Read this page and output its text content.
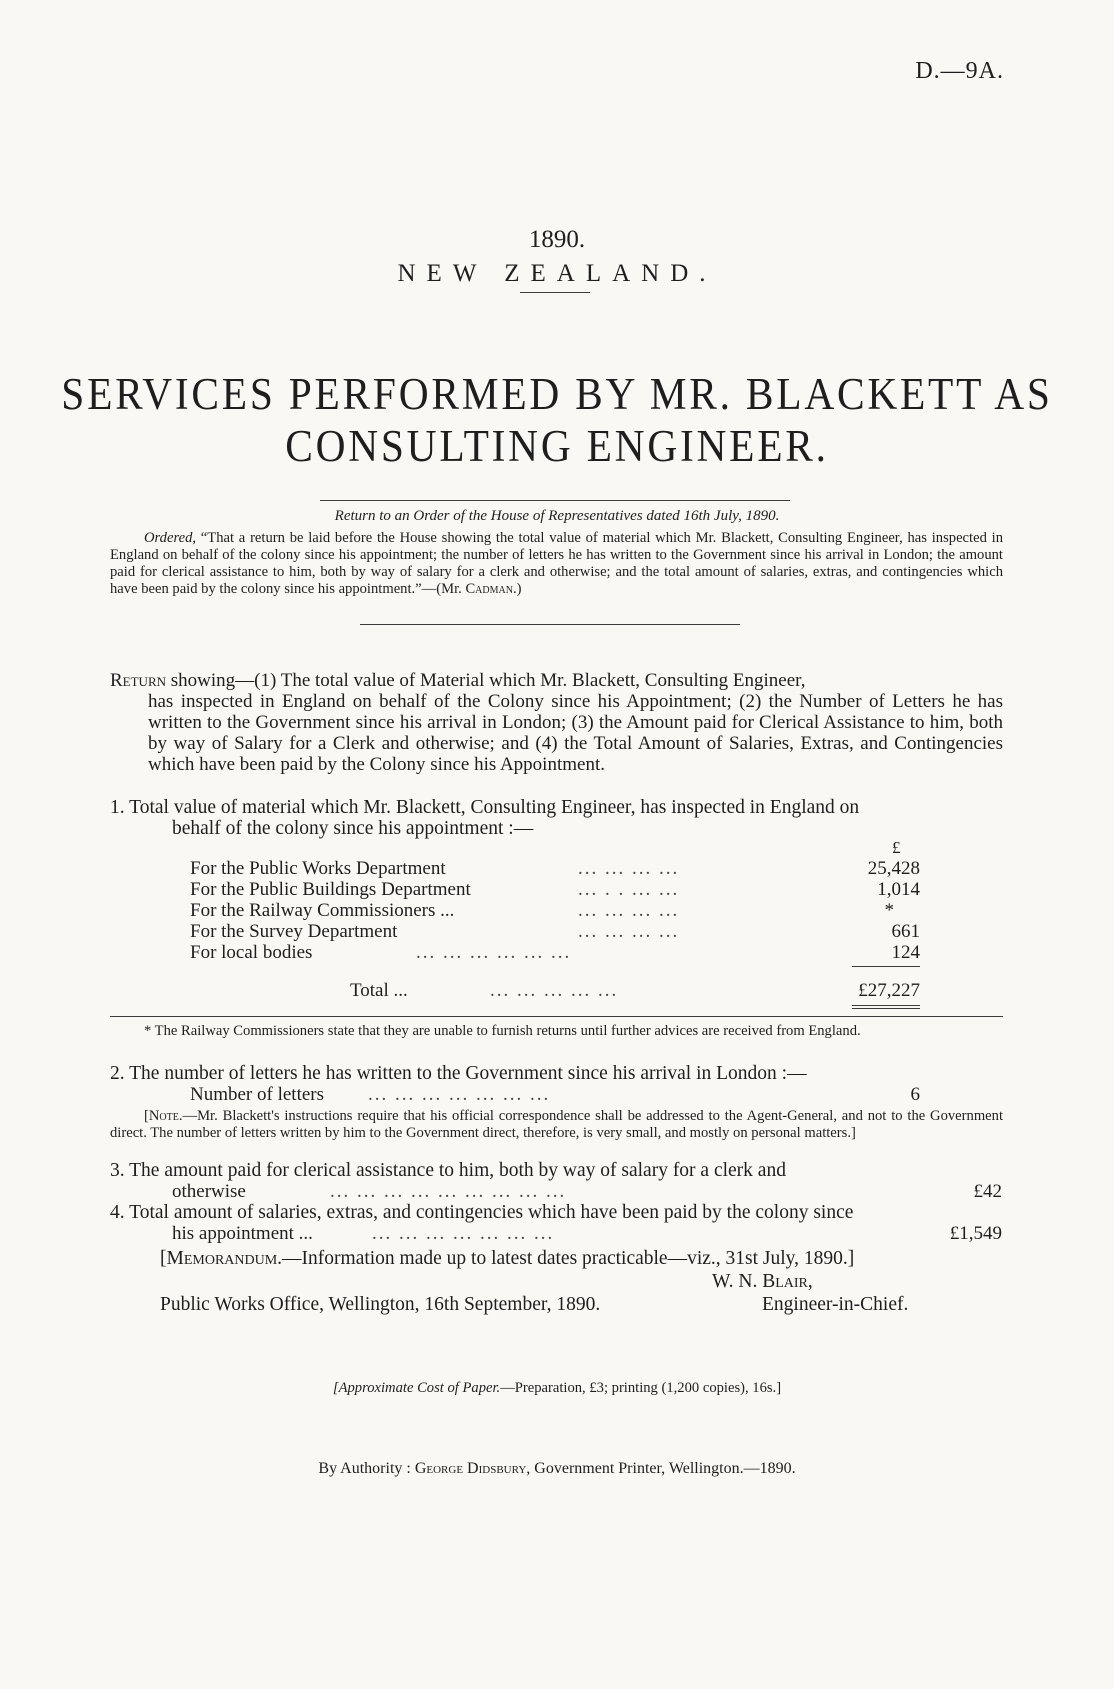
D.—9A.
1890.
NEW ZEALAND.
SERVICES PERFORMED BY MR. BLACKETT AS
CONSULTING ENGINEER.
Return to an Order of the House of Representatives dated 16th July, 1890.
Ordered, “That a return be laid before the House showing the total value of material which Mr. Blackett, Consulting Engineer, has inspected in England on behalf of the colony since his appointment; the number of letters he has written to the Government since his arrival in London; the amount paid for clerical assistance to him, both by way of salary for a clerk and otherwise; and the total amount of salaries, extras, and contingencies which have been paid by the colony since his appointment.”—(Mr. Cadman.)
Return showing—(1) The total value of Material which Mr. Blackett, Consulting Engineer,
has inspected in England on behalf of the Colony since his Appointment; (2) the Number of Letters he has written to the Government since his arrival in London; (3) the Amount paid for Clerical Assistance to him, both by way of Salary for a Clerk and otherwise; and (4) the Total Amount of Salaries, Extras, and Contingencies which have been paid by the Colony since his Appointment.
1. Total value of material which Mr. Blackett, Consulting Engineer, has inspected in England on
behalf of the colony since his appointment :—
£
For the Public Works Department	... ... ... ...	25,428
For the Public Buildings Department	... . . ... ...	1,014
For the Railway Commissioners ...	... ... ... ...	*
For the Survey Department	... ... ... ...	661
For local bodies	... ... ... ... ... ...	124
Total ...	... ... ... ... ...	£27,227
* The Railway Commissioners state that they are unable to furnish returns until further advices are received from England.
2. The number of letters he has written to the Government since his arrival in London :—
Number of letters ... ... ... ... ... ... ...	6
[Note.—Mr. Blackett's instructions require that his official correspondence shall be addressed to the Agent-General, and not to the Government direct. The number of letters written by him to the Government direct, therefore, is very small, and mostly on personal matters.]
3. The amount paid for clerical assistance to him, both by way of salary for a clerk and
otherwise	... ... ... ... ... ... ... ... ...	£42
4. Total amount of salaries, extras, and contingencies which have been paid by the colony since
his appointment ...	... ... ... ... ... ... ...	£1,549
[Memorandum.—Information made up to latest dates practicable—viz., 31st July, 1890.]
W. N. Blair,
Public Works Office, Wellington, 16th September, 1890.	Engineer-in-Chief.
[Approximate Cost of Paper.—Preparation, £3; printing (1,200 copies), 16s.]
By Authority : George Didsbury, Government Printer, Wellington.—1890.
